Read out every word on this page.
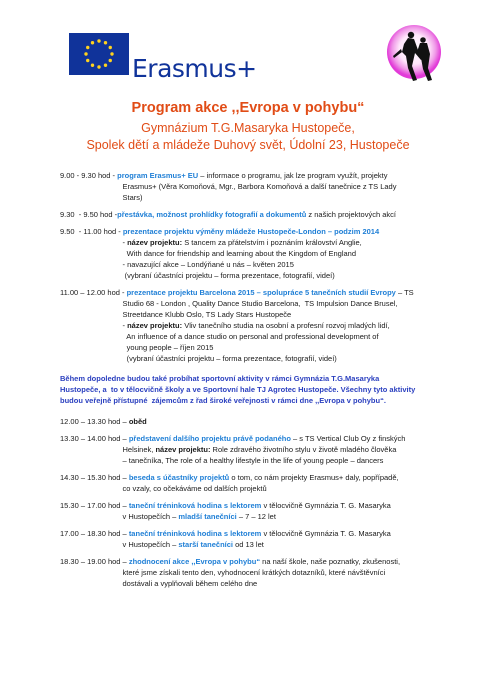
Erasmus+
Program akce ,,Evropa v pohybu“
Gymnázium T.G.Masaryka Hustopeče,
Spolek dětí a mládeže Duhový svět, Údolní 23, Hustopeče
9.00 - 9.30 hod - program Erasmus+ EU – informace o programu, jak lze program využít, projekty
Erasmus+ (Věra Komoňová, Mgr., Barbora Komoňová a další tanečnice z TS Lady
Stars)
9.30  - 9.50 hod -přestávka, možnost prohlídky fotografií a dokumentů z našich projektových akcí
9.50  - 11.00 hod - prezentace projektu výměny mládeže Hustopeče-London – podzim 2014
- název projektu: S tancem za přátelstvím i poznáním království Anglie,
With dance for friendship and learning about the Kingdom of England
- navazující akce – Londýňané u nás – květen 2015
(vybraní účastníci projektu – forma prezentace, fotografií, videí)
11.00 – 12.00 hod - prezentace projektu Barcelona 2015 – spolupráce 5 tanečních studií Evropy – TS
Studio 68 - London , Quality Dance Studio Barcelona,  TS Impulsion Dance Brusel,
Streetdance Klubb Oslo, TS Lady Stars Hustopeče
- název projektu: Vliv tanečního studia na osobní a profesní rozvoj mladých lidí,
An influence of a dance studio on personal and professional development of
young people – říjen 2015
(vybraní účastníci projektu – forma prezentace, fotografií, videí)
Během dopoledne budou také probíhat sportovní aktivity v rámci Gymnázia T.G.Masaryka
Hustopeče, a  to v tělocvičně školy a ve Sportovní hale TJ Agrotec Hustopeče. Všechny tyto aktivity
budou veřejně přístupné  zájemcům z řad široké veřejnosti v rámci dne ,,Evropa v pohybu“.
12.00 – 13.30 hod – oběd
13.30 – 14.00 hod – představení dalšího projektu právě podaného – s TS Vertical Club Oy z finských
Helsinek, název projektu: Role zdravého životního stylu v životě mladého člověka
– tanečníka, The role of a healthy lifestyle in the life of young people – dancers
14.30 – 15.30 hod – beseda s účastníky projektů o tom, co nám projekty Erasmus+ daly, popřípadě,
co vzaly, co očekáváme od dalších projektů
15.30 – 17.00 hod – taneční tréninková hodina s lektorem v tělocvičně Gymnázia T. G. Masaryka
v Hustopečích – mladší tanečníci – 7 – 12 let
17.00 – 18.30 hod – taneční tréninková hodina s lektorem v tělocvičně Gymnázia T. G. Masaryka
v Hustopečích – starší tanečníci od 13 let
18.30 – 19.00 hod – zhodnocení akce ,,Evropa v pohybu“ na naší škole, naše poznatky, zkušenosti,
které jsme získali tento den, vyhodnocení krátkých dotazníků, které návštěvníci
dostávali a vyplňovali během celého dne
